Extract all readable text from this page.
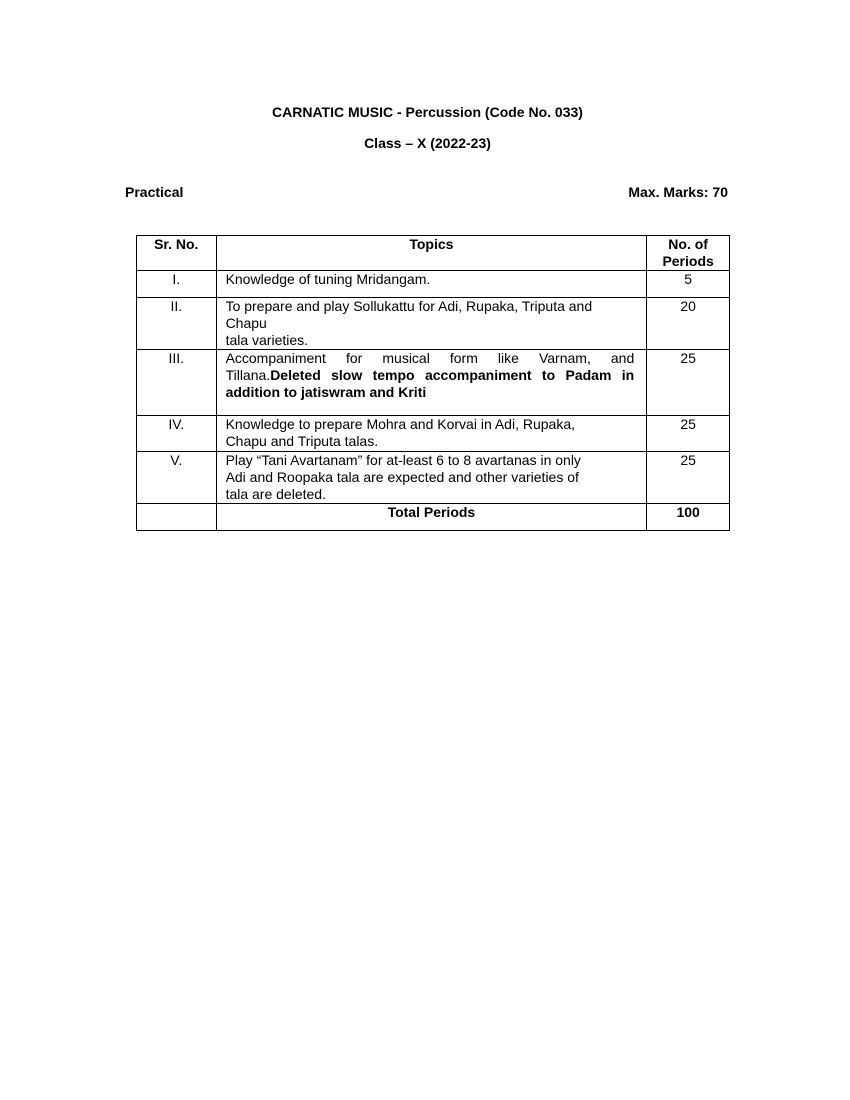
CARNATIC MUSIC - Percussion (Code No. 033)
Class – X (2022-23)
Practical	Max. Marks: 70
Sr. No.	Topics	No. of
Periods

I.	Knowledge of tuning Mridangam.	5
II.	To prepare and play Sollukattu for Adi, Rupaka, Triputa and
Chapu
tala varieties.	20
III.	Accompaniment for musical form like Varnam, and Tillana.Deleted slow tempo accompaniment to Padam in addition to jatiswram and Kriti	25
IV.	Knowledge to prepare Mohra and Korvai in Adi, Rupaka,
Chapu and Triputa talas.	25
V.	Play “Tani Avartanam” for at-least 6 to 8 avartanas in only
Adi and Roopaka tala are expected and other varieties of
tala are deleted.	25
	Total Periods	100
